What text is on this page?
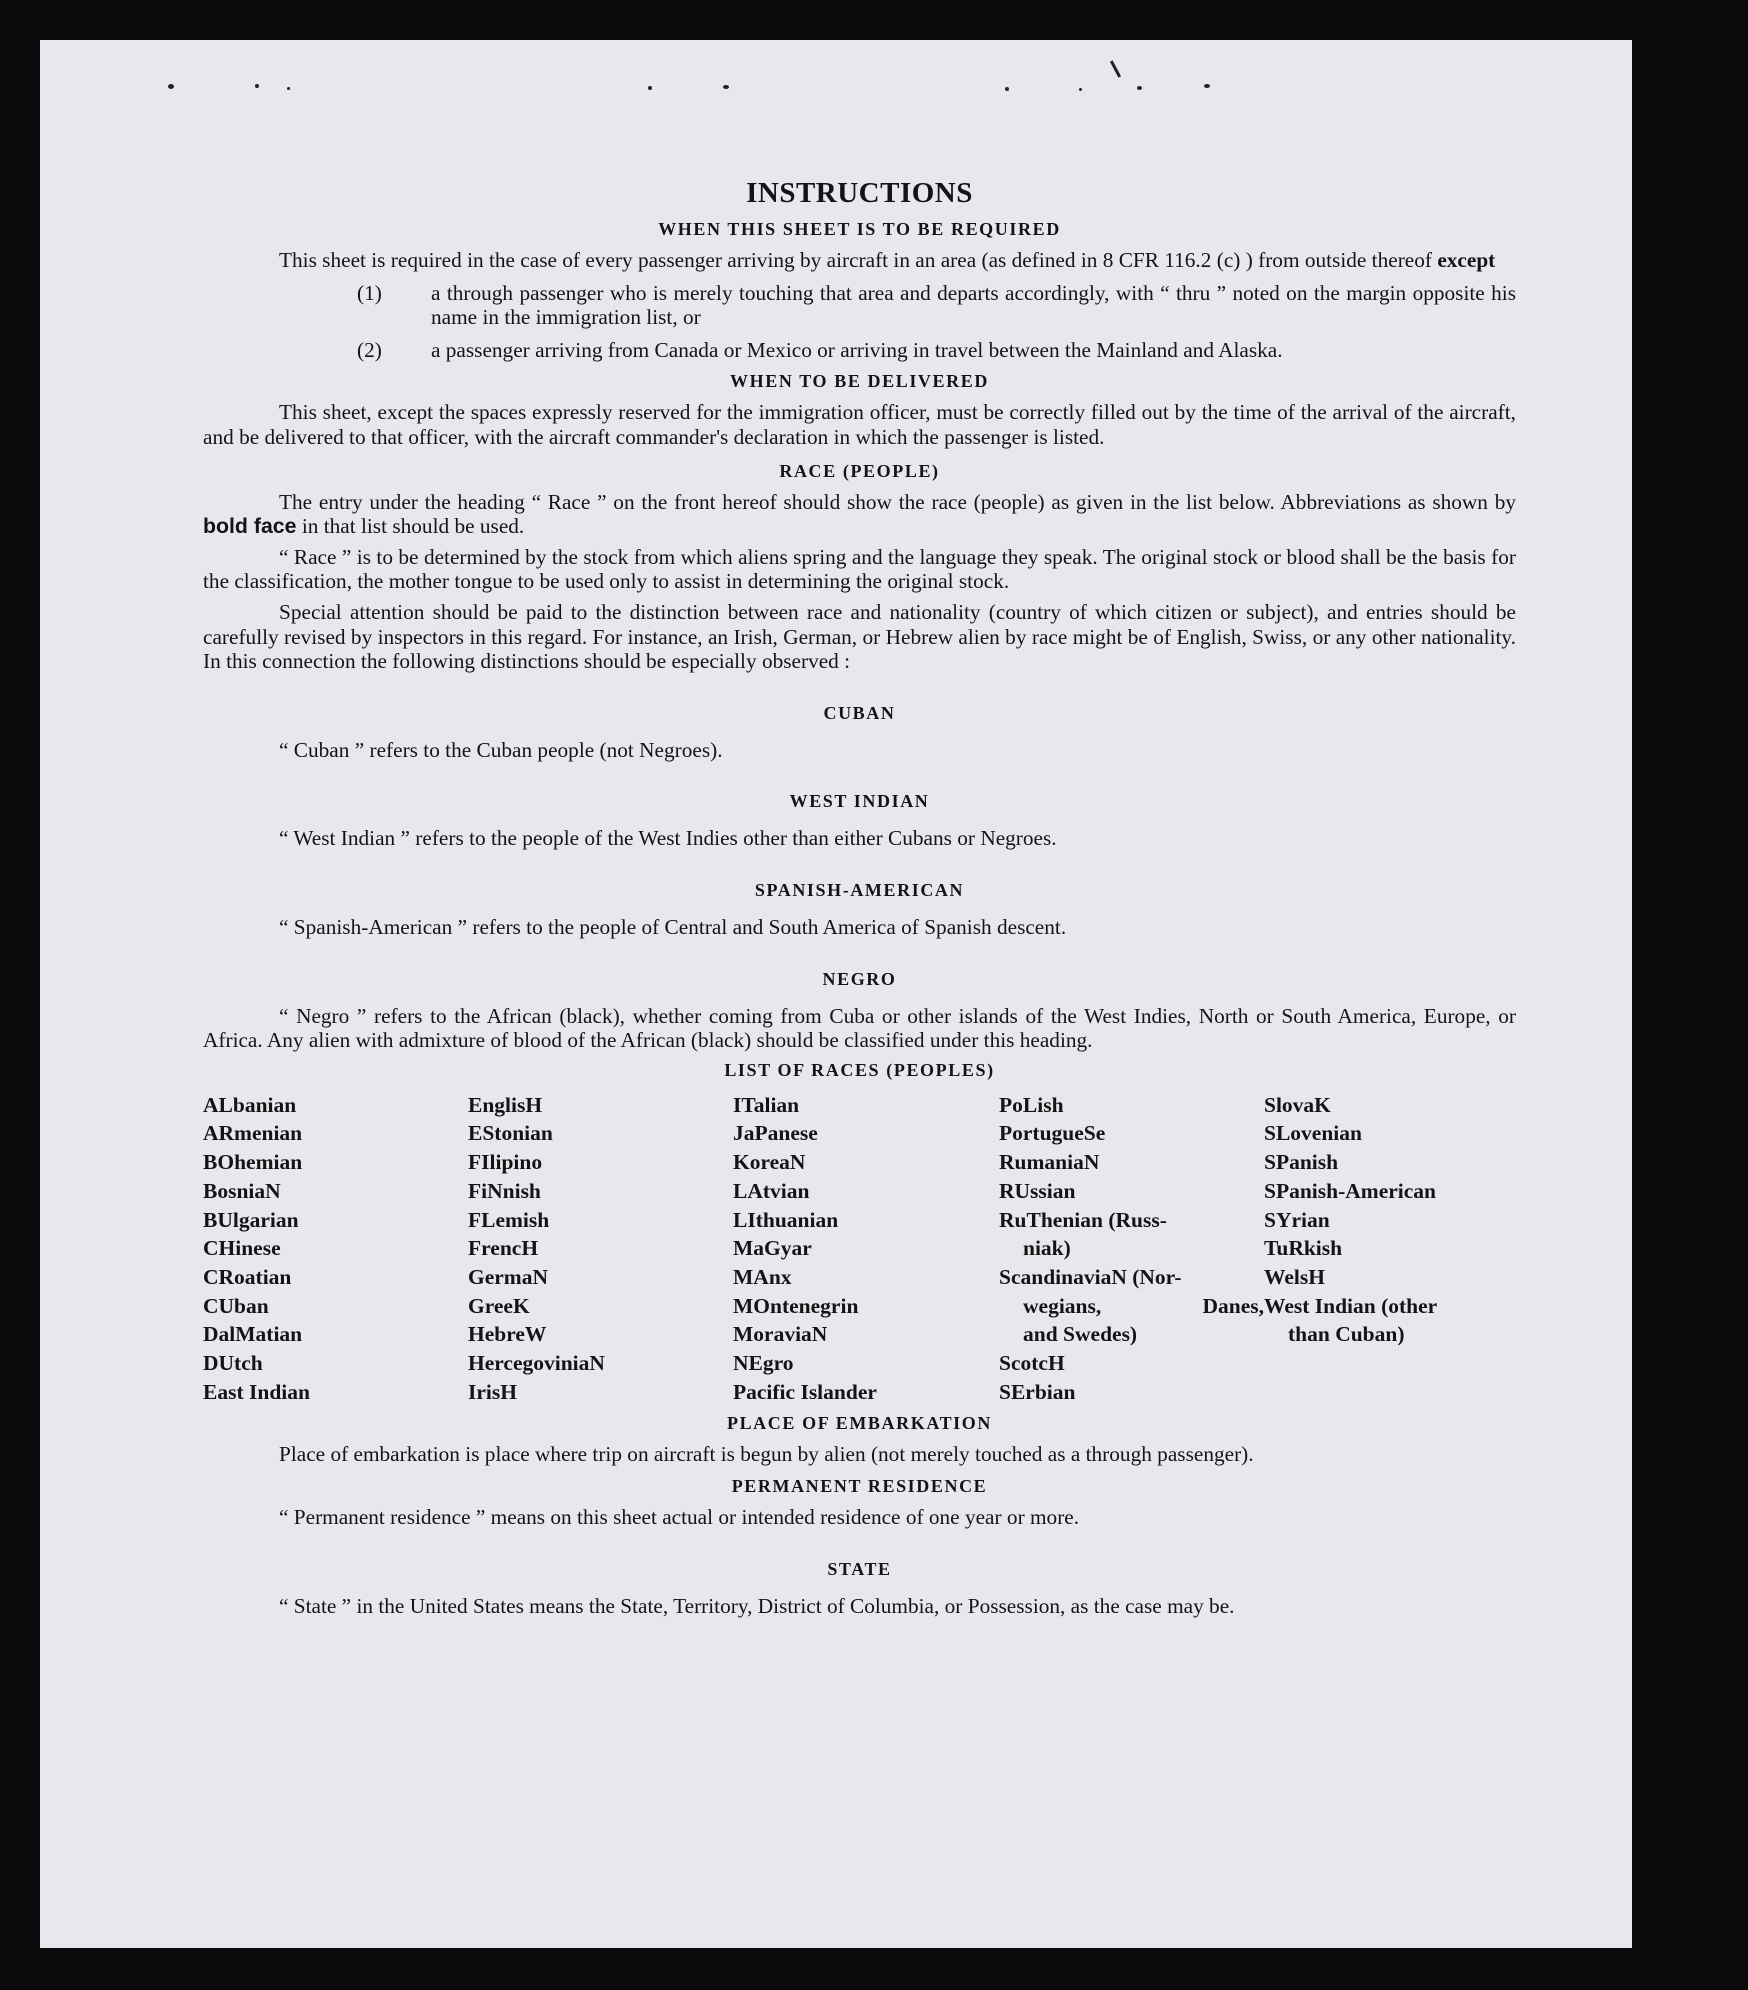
INSTRUCTIONS
WHEN THIS SHEET IS TO BE REQUIRED

This sheet is required in the case of every passenger arriving by aircraft in an area (as defined in 8 CFR 116.2 (c) ) from outside thereof except

(1) a through passenger who is merely touching that area and departs accordingly, with “ thru ” noted on the margin opposite his name in the immigration list, or
(2) a passenger arriving from Canada or Mexico or arriving in travel between the Mainland and Alaska.
WHEN TO BE DELIVERED

This sheet, except the spaces expressly reserved for the immigration officer, must be correctly filled out by the time of the arrival of the aircraft, and be delivered to that officer, with the aircraft commander's declaration in which the passenger is listed.

RACE (PEOPLE)

The entry under the heading “ Race ” on the front hereof should show the race (people) as given in the list below. Abbreviations as shown by bold face in that list should be used.

“ Race ” is to be determined by the stock from which aliens spring and the language they speak. The original stock or blood shall be the basis for the classification, the mother tongue to be used only to assist in determining the original stock.

Special attention should be paid to the distinction between race and nationality (country of which citizen or subject), and entries should be carefully revised by inspectors in this regard. For instance, an Irish, German, or Hebrew alien by race might be of English, Swiss, or any other nationality. In this connection the following distinctions should be especially observed :

CUBAN

“ Cuban ” refers to the Cuban people (not Negroes).

WEST INDIAN

“ West Indian ” refers to the people of the West Indies other than either Cubans or Negroes.

SPANISH-AMERICAN

“ Spanish-American ” refers to the people of Central and South America of Spanish descent.

NEGRO

“ Negro ” refers to the African (black), whether coming from Cuba or other islands of the West Indies, North or South America, Europe, or Africa. Any alien with admixture of blood of the African (black) should be classified under this heading.

LIST OF RACES (PEOPLES)
ALbanian
ARmenian
BOhemian
BosniaN
BUlgarian
CHinese
CRoatian
CUban
DalMatian
DUtch
East Indian
EnglisH
EStonian
FIlipino
FiNnish
FLemish
FrencH
GermaN
GreeK
HebreW
HercegoviniaN
IrisH
ITalian
JaPanese
KoreaN
LAtvian
LIthuanian
MaGyar
MAnx
MOntenegrin
MoraviaN
NEgro
Pacific Islander
PoLish
PortugueSe
RumaniaN
RUssian
RuThenian (Russ-
niak)
ScandinaviaN (Nor-
wegians,	Danes,
and Swedes)
ScotcH
SErbian
SlovaK
SLovenian
SPanish
SPanish-American
SYrian
TuRkish
WelsH
West Indian (other
than Cuban)
PLACE OF EMBARKATION

Place of embarkation is place where trip on aircraft is begun by alien (not merely touched as a through passenger).

PERMANENT RESIDENCE

“ Permanent residence ” means on this sheet actual or intended residence of one year or more.

STATE

“ State ” in the United States means the State, Territory, District of Columbia, or Possession, as the case may be.
